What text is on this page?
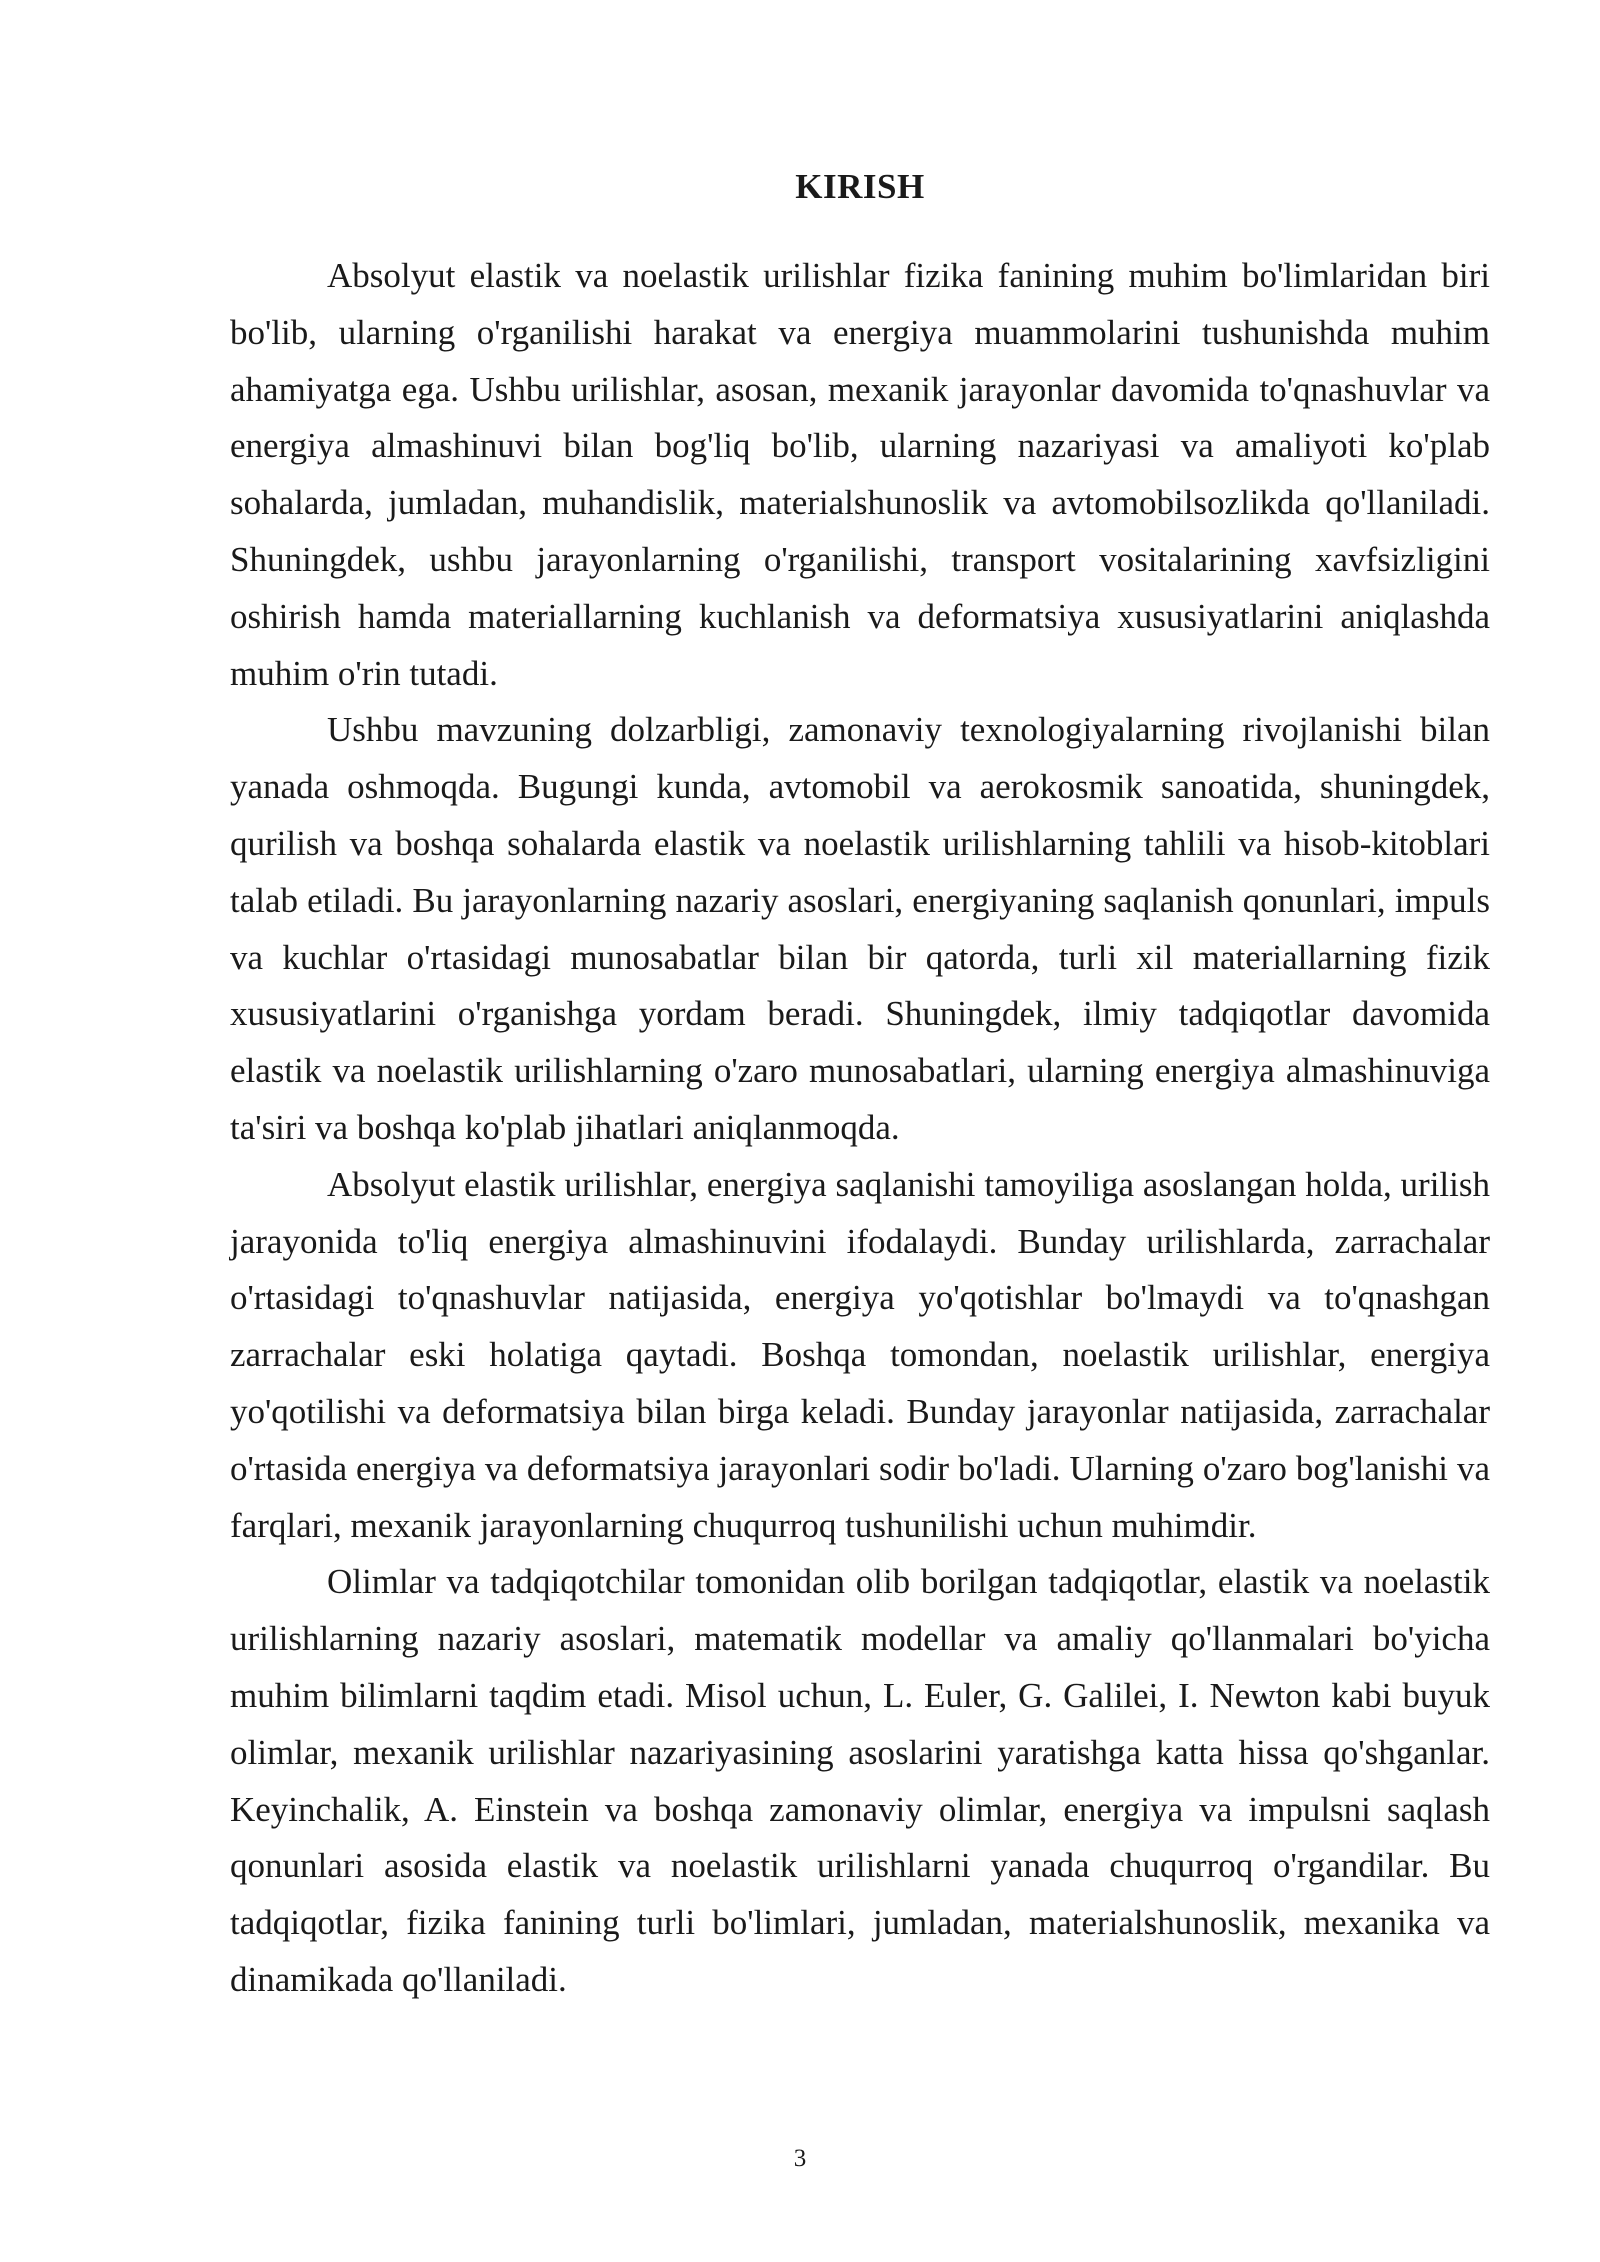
KIRISH

Absolyut elastik va noelastik urilishlar fizika fanining muhim bo'limlaridan biri bo'lib, ularning o'rganilishi harakat va energiya muammolarini tushunishda muhim ahamiyatga ega. Ushbu urilishlar, asosan, mexanik jarayonlar davomida to'qnashuvlar va energiya almashinuvi bilan bog'liq bo'lib, ularning nazariyasi va amaliyoti ko'plab sohalarda, jumladan, muhandislik, materialshunoslik va avtomobilsozlikda qo'llaniladi. Shuningdek, ushbu jarayonlarning o'rganilishi, transport vositalarining xavfsizligini oshirish hamda materiallarning kuchlanish va deformatsiya xususiyatlarini aniqlashda muhim o'rin tutadi.

Ushbu mavzuning dolzarbligi, zamonaviy texnologiyalarning rivojlanishi bilan yanada oshmoqda. Bugungi kunda, avtomobil va aerokosmik sanoatida, shuningdek, qurilish va boshqa sohalarda elastik va noelastik urilishlarning tahlili va hisob-kitoblari talab etiladi. Bu jarayonlarning nazariy asoslari, energiyaning saqlanish qonunlari, impuls va kuchlar o'rtasidagi munosabatlar bilan bir qatorda, turli xil materiallarning fizik xususiyatlarini o'rganishga yordam beradi. Shuningdek, ilmiy tadqiqotlar davomida elastik va noelastik urilishlarning o'zaro munosabatlari, ularning energiya almashinuviga ta'siri va boshqa ko'plab jihatlari aniqlanmoqda.

Absolyut elastik urilishlar, energiya saqlanishi tamoyiliga asoslangan holda, urilish jarayonida to'liq energiya almashinuvini ifodalaydi. Bunday urilishlarda, zarrachalar o'rtasidagi to'qnashuvlar natijasida, energiya yo'qotishlar bo'lmaydi va to'qnashgan zarrachalar eski holatiga qaytadi. Boshqa tomondan, noelastik urilishlar, energiya yo'qotilishi va deformatsiya bilan birga keladi. Bunday jarayonlar natijasida, zarrachalar o'rtasida energiya va deformatsiya jarayonlari sodir bo'ladi. Ularning o'zaro bog'lanishi va farqlari, mexanik jarayonlarning chuqurroq tushunilishi uchun muhimdir.

Olimlar va tadqiqotchilar tomonidan olib borilgan tadqiqotlar, elastik va noelastik urilishlarning nazariy asoslari, matematik modellar va amaliy qo'llanmalari bo'yicha muhim bilimlarni taqdim etadi. Misol uchun, L. Euler, G. Galilei, I. Newton kabi buyuk olimlar, mexanik urilishlar nazariyasining asoslarini yaratishga katta hissa qo'shganlar. Keyinchalik, A. Einstein va boshqa zamonaviy olimlar, energiya va impulsni saqlash qonunlari asosida elastik va noelastik urilishlarni yanada chuqurroq o'rgandilar. Bu tadqiqotlar, fizika fanining turli bo'limlari, jumladan, materialshunoslik, mexanika va dinamikada qo'llaniladi.

3
